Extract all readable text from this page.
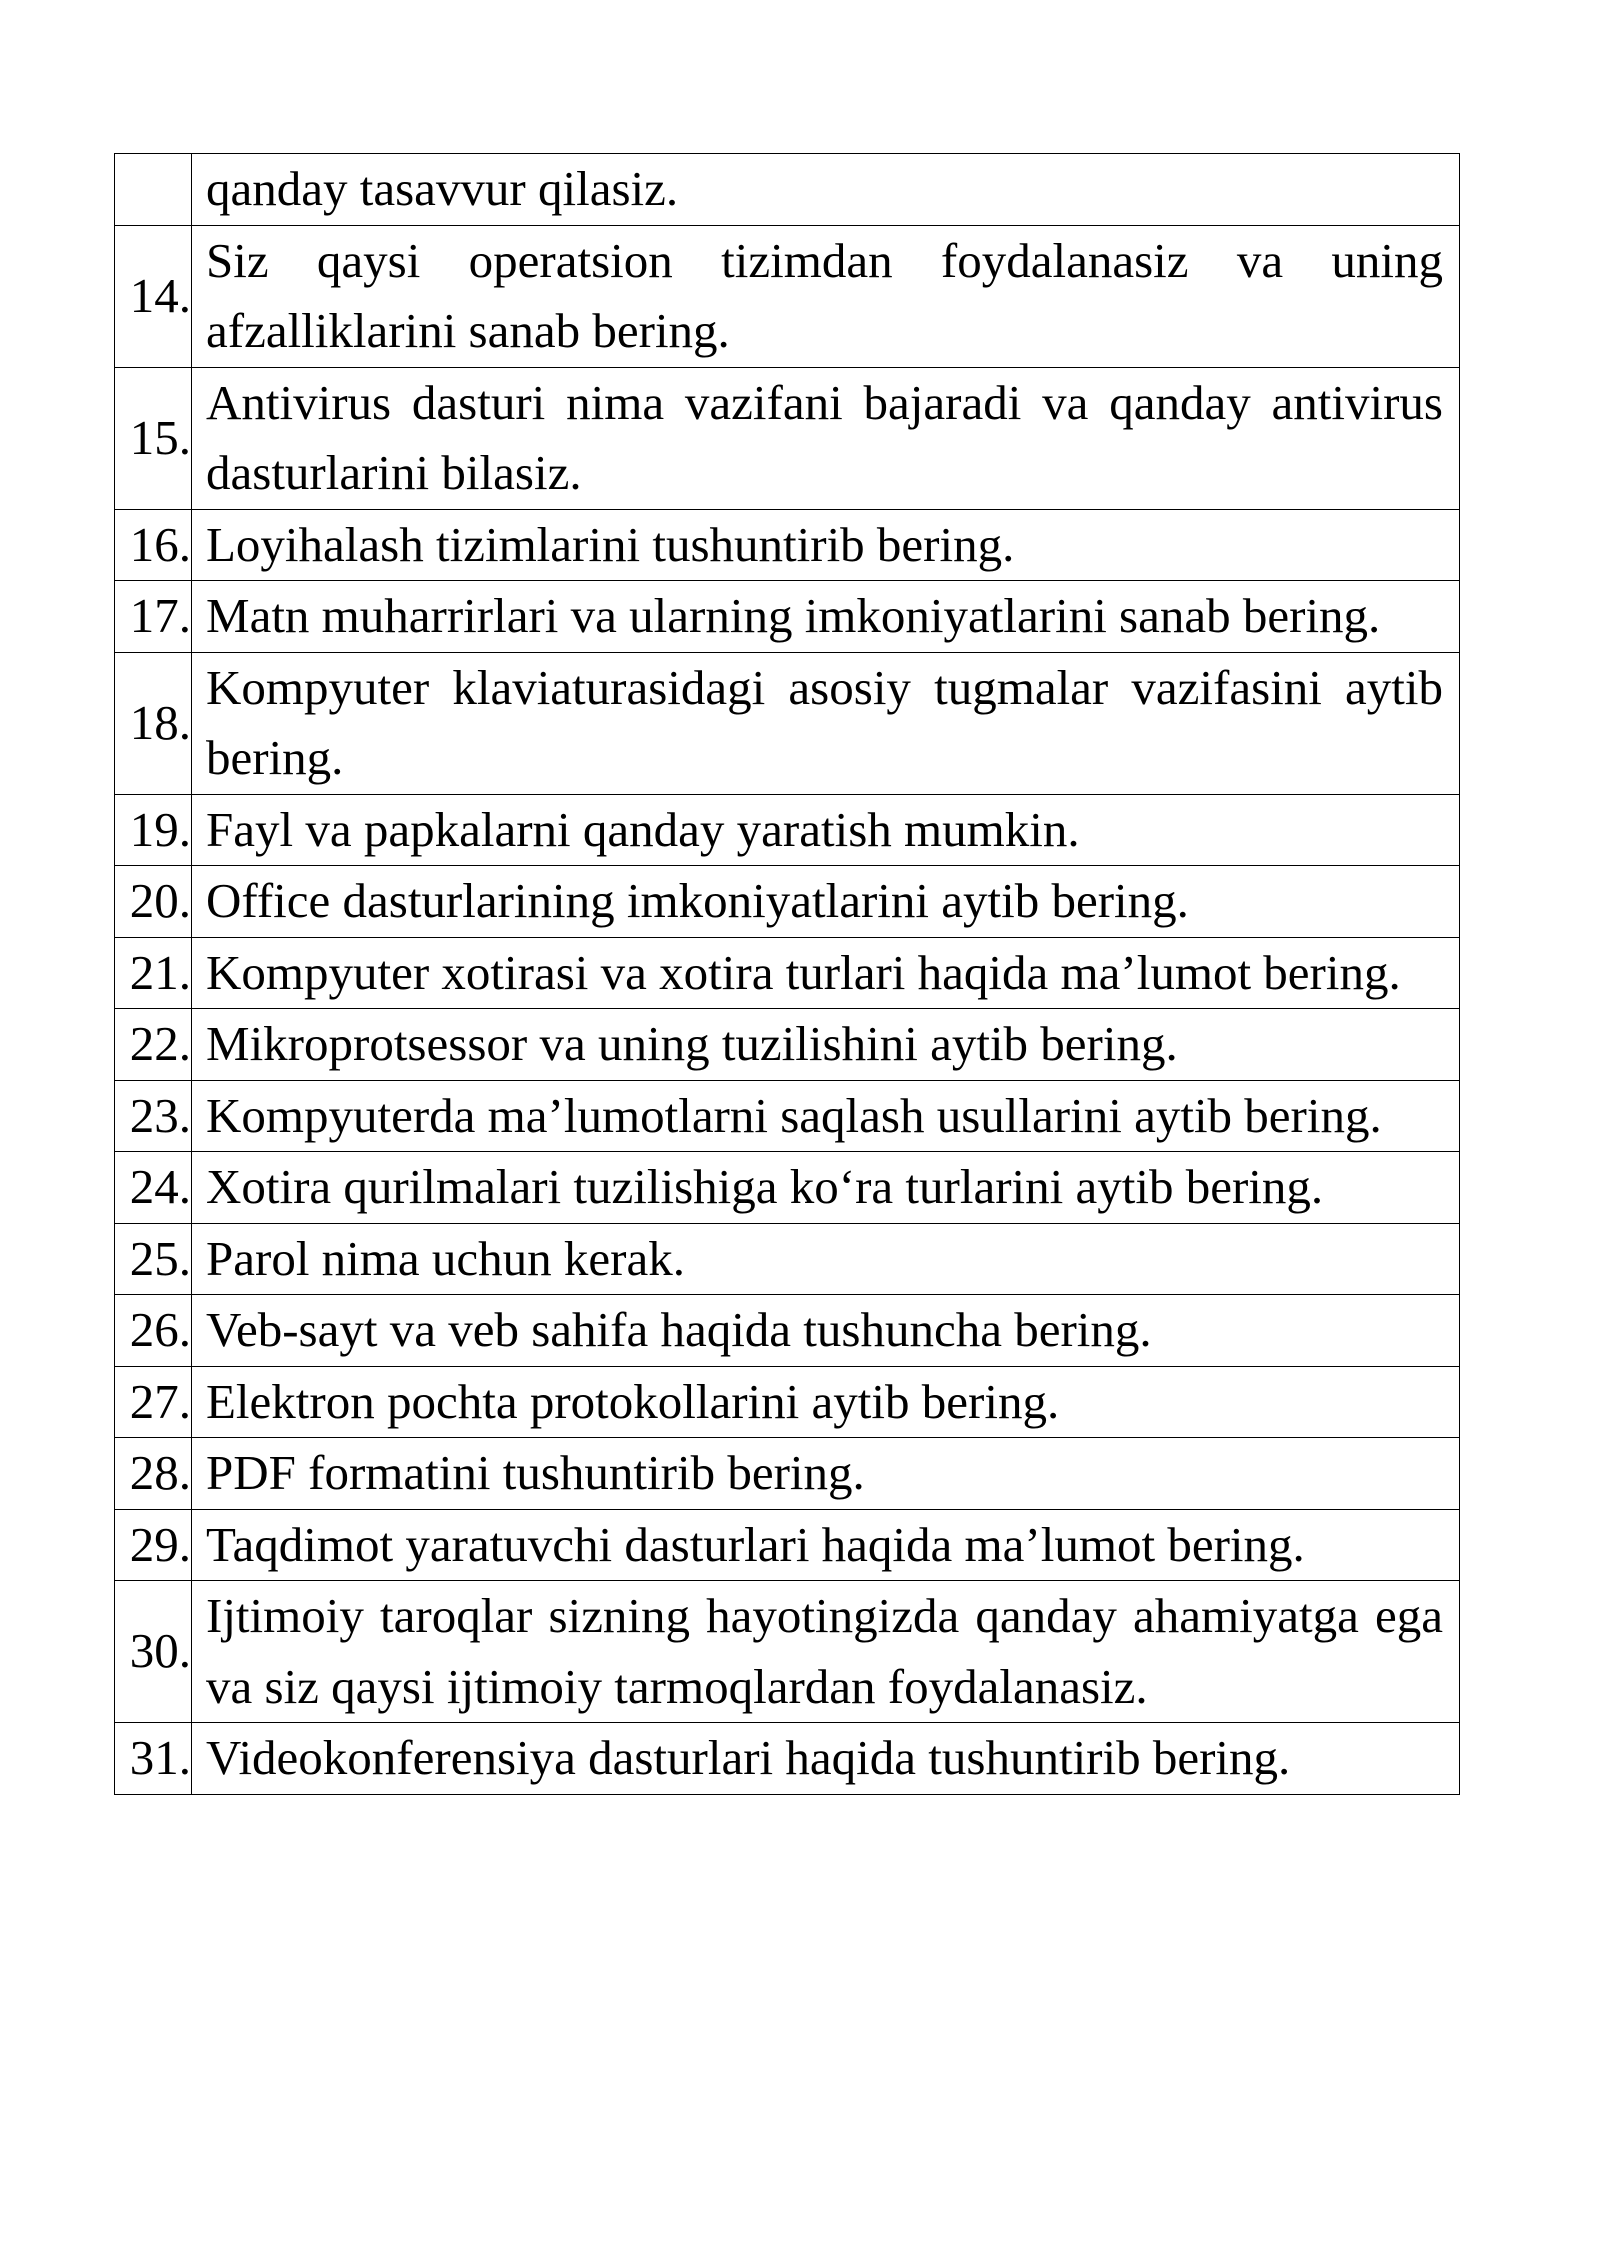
	qanday tasavvur qilasiz.
14.	Siz qaysi operatsion tizimdan foydalanasiz va uning afzalliklarini sanab bering.
15.	Antivirus dasturi nima vazifani bajaradi va qanday antivirus dasturlarini bilasiz.
16.	Loyihalash tizimlarini tushuntirib bering.
17.	Matn muharrirlari va ularning imkoniyatlarini sanab bering.
18.	Kompyuter klaviaturasidagi asosiy tugmalar vazifasini aytib bering.
19.	Fayl va papkalarni qanday yaratish mumkin.
20.	Office dasturlarining imkoniyatlarini aytib bering.
21.	Kompyuter xotirasi va xotira turlari haqida ma’lumot bering.
22.	Mikroprotsessor va uning tuzilishini aytib bering.
23.	Kompyuterda ma’lumotlarni saqlash usullarini aytib bering.
24.	Xotira qurilmalari tuzilishiga ko‘ra turlarini aytib bering.
25.	Parol nima uchun kerak.
26.	Veb-sayt va veb sahifa haqida tushuncha bering.
27.	Elektron pochta protokollarini aytib bering.
28.	PDF formatini tushuntirib bering.
29.	Taqdimot yaratuvchi dasturlari haqida ma’lumot bering.
30.	Ijtimoiy taroqlar sizning hayotingizda qanday ahamiyatga ega va siz qaysi ijtimoiy tarmoqlardan foydalanasiz.
31.	Videokonferensiya dasturlari haqida tushuntirib bering.
